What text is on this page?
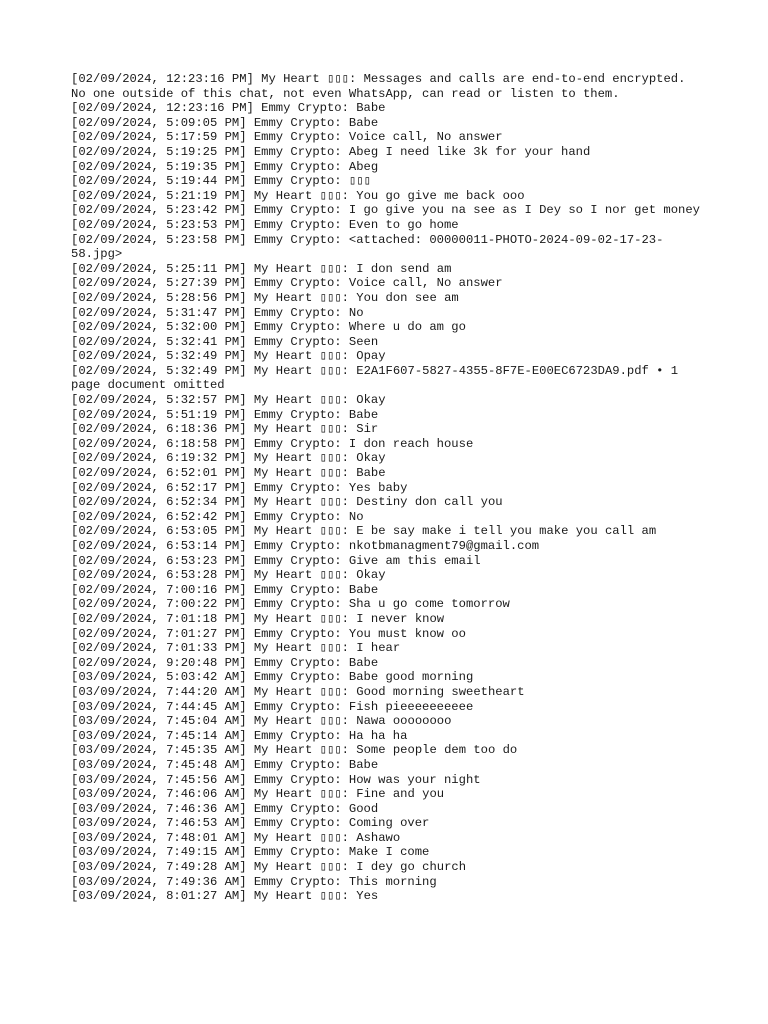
[02/09/2024, 12:23:16 PM] My Heart ▯▯▯: Messages and calls are end-to-end encrypted. No one outside of this chat, not even WhatsApp, can read or listen to them.
[02/09/2024, 12:23:16 PM] Emmy Crypto: Babe
[02/09/2024, 5:09:05 PM] Emmy Crypto: Babe
[02/09/2024, 5:17:59 PM] Emmy Crypto: Voice call, No answer
[02/09/2024, 5:19:25 PM] Emmy Crypto: Abeg I need like 3k for your hand
[02/09/2024, 5:19:35 PM] Emmy Crypto: Abeg
[02/09/2024, 5:19:44 PM] Emmy Crypto: ▯▯▯
[02/09/2024, 5:21:19 PM] My Heart ▯▯▯: You go give me back ooo
[02/09/2024, 5:23:42 PM] Emmy Crypto: I go give you na see as I Dey so I nor get money
[02/09/2024, 5:23:53 PM] Emmy Crypto: Even to go home
[02/09/2024, 5:23:58 PM] Emmy Crypto: <attached: 00000011-PHOTO-2024-09-02-17-23-58.jpg>
[02/09/2024, 5:25:11 PM] My Heart ▯▯▯: I don send am
[02/09/2024, 5:27:39 PM] Emmy Crypto: Voice call, No answer
[02/09/2024, 5:28:56 PM] My Heart ▯▯▯: You don see am
[02/09/2024, 5:31:47 PM] Emmy Crypto: No
[02/09/2024, 5:32:00 PM] Emmy Crypto: Where u do am go
[02/09/2024, 5:32:41 PM] Emmy Crypto: Seen
[02/09/2024, 5:32:49 PM] My Heart ▯▯▯: Opay
[02/09/2024, 5:32:49 PM] My Heart ▯▯▯: E2A1F607-5827-4355-8F7E-E00EC6723DA9.pdf • 1 page document omitted
[02/09/2024, 5:32:57 PM] My Heart ▯▯▯: Okay
[02/09/2024, 5:51:19 PM] Emmy Crypto: Babe
[02/09/2024, 6:18:36 PM] My Heart ▯▯▯: Sir
[02/09/2024, 6:18:58 PM] Emmy Crypto: I don reach house
[02/09/2024, 6:19:32 PM] My Heart ▯▯▯: Okay
[02/09/2024, 6:52:01 PM] My Heart ▯▯▯: Babe
[02/09/2024, 6:52:17 PM] Emmy Crypto: Yes baby
[02/09/2024, 6:52:34 PM] My Heart ▯▯▯: Destiny don call you
[02/09/2024, 6:52:42 PM] Emmy Crypto: No
[02/09/2024, 6:53:05 PM] My Heart ▯▯▯: E be say make i tell you make you call am
[02/09/2024, 6:53:14 PM] Emmy Crypto: nkotbmanagment79@gmail.com
[02/09/2024, 6:53:23 PM] Emmy Crypto: Give am this email
[02/09/2024, 6:53:28 PM] My Heart ▯▯▯: Okay
[02/09/2024, 7:00:16 PM] Emmy Crypto: Babe
[02/09/2024, 7:00:22 PM] Emmy Crypto: Sha u go come tomorrow
[02/09/2024, 7:01:18 PM] My Heart ▯▯▯: I never know
[02/09/2024, 7:01:27 PM] Emmy Crypto: You must know oo
[02/09/2024, 7:01:33 PM] My Heart ▯▯▯: I hear
[02/09/2024, 9:20:48 PM] Emmy Crypto: Babe
[03/09/2024, 5:03:42 AM] Emmy Crypto: Babe good morning
[03/09/2024, 7:44:20 AM] My Heart ▯▯▯: Good morning sweetheart
[03/09/2024, 7:44:45 AM] Emmy Crypto: Fish pieeeeeeeeee
[03/09/2024, 7:45:04 AM] My Heart ▯▯▯: Nawa oooooooo
[03/09/2024, 7:45:14 AM] Emmy Crypto: Ha ha ha
[03/09/2024, 7:45:35 AM] My Heart ▯▯▯: Some people dem too do
[03/09/2024, 7:45:48 AM] Emmy Crypto: Babe
[03/09/2024, 7:45:56 AM] Emmy Crypto: How was your night
[03/09/2024, 7:46:06 AM] My Heart ▯▯▯: Fine and you
[03/09/2024, 7:46:36 AM] Emmy Crypto: Good
[03/09/2024, 7:46:53 AM] Emmy Crypto: Coming over
[03/09/2024, 7:48:01 AM] My Heart ▯▯▯: Ashawo
[03/09/2024, 7:49:15 AM] Emmy Crypto: Make I come
[03/09/2024, 7:49:28 AM] My Heart ▯▯▯: I dey go church
[03/09/2024, 7:49:36 AM] Emmy Crypto: This morning
[03/09/2024, 8:01:27 AM] My Heart ▯▯▯: Yes
